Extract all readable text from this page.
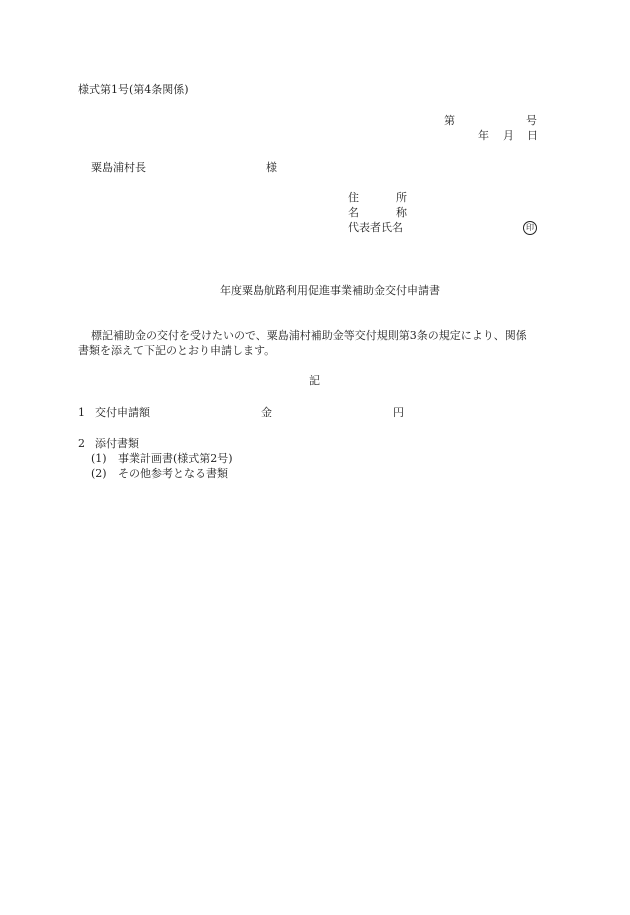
様式第1号(第4条関係)
第	号
年 月 日
粟島浦村長	様
住	所
名	称
代表者氏名	印
年度粟島航路利用促進事業補助金交付申請書
標記補助金の交付を受けたいので、粟島浦村補助金等交付規則第3条の規定により、関係
書類を添えて下記のとおり申請します。
記
1 交付申請額	金	円
2 添付書類
(1) 事業計画書(様式第2号)
(2) その他参考となる書類
